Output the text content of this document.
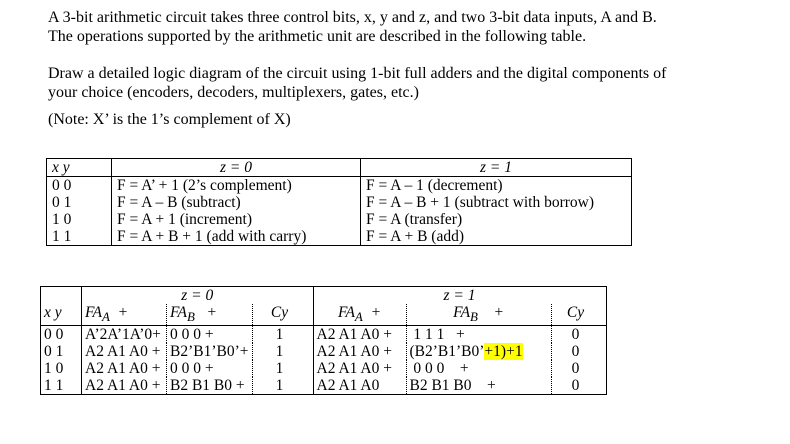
A 3-bit arithmetic circuit takes three control bits, x, y and z, and two 3-bit data inputs, A and B.
The operations supported by the arithmetic unit are described in the following table.

Draw a detailed logic diagram of the circuit using 1-bit full adders and the digital components of
your choice (encoders, decoders, multiplexers, gates, etc.)

(Note: X’ is the 1’s complement of X)

x y	z = 0	z = 1
0 0	F = A’ + 1 (2’s complement)	F = A – 1 (decrement)
0 1	F = A – B (subtract)	F = A – B + 1 (subtract with borrow)
1 0	F = A + 1 (increment)	F = A (transfer)
1 1	F = A + B + 1 (add with carry)	F = A + B (add)
	z = 0				z = 1			
x y	$FA_A$ +	$FA_B$ +	Cy		$FA_A$ +	$FA_B$ +	Cy	
0 0	A’2A’1A’0+	0 0 0 +	1		A2 A1 A0 +	1 1 1 +	0	
0 1	A2 A1 A0 +	B2’B1’B0’+	1		A2 A1 A0 +	(B2’B1’B0’+1)+1	0	
1 0	A2 A1 A0 +	0 0 0 +	1		A2 A1 A0 +	0 0 0 +	0	
1 1	A2 A1 A0 +	B2 B1 B0 +	1		A2 A1 A0	B2 B1 B0 +	0	
